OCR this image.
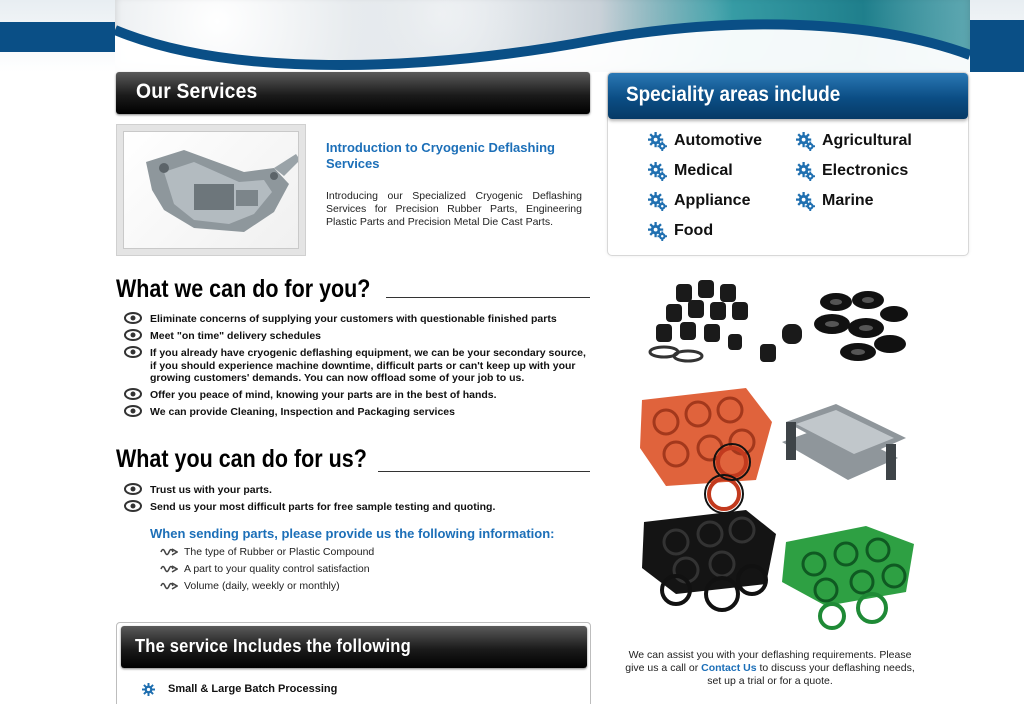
Our Services
Introduction to Cryogenic Deflashing Services
Introducing our Specialized Cryogenic Deflashing Services for Precision Rubber Parts, Engineering Plastic Parts and Precision Metal Die Cast Parts.
What we can do for you?
Eliminate concerns of supplying your customers with questionable finished parts
Meet "on time" delivery schedules
If you already have cryogenic deflashing equipment, we can be your secondary source, if you should experience machine downtime, difficult parts or can't keep up with your growing customers' demands. You can now offload some of your job to us.
Offer you peace of mind, knowing your parts are in the best of hands.
We can provide Cleaning, Inspection and Packaging services
What you can do for us?
Trust us with your parts.
Send us your most difficult parts for free sample testing and quoting.
When sending parts, please provide us the following information:
The type of Rubber or Plastic Compound
A part to your quality control satisfaction
Volume (daily, weekly or monthly)
The service Includes the following
Small & Large Batch Processing
Speciality areas include
Automotive	Agricultural
Medical	Electronics
Appliance	Marine
Food
We can assist you with your deflashing requirements. Please give us a call or Contact Us to discuss your deflashing needs, set up a trial or for a quote.
